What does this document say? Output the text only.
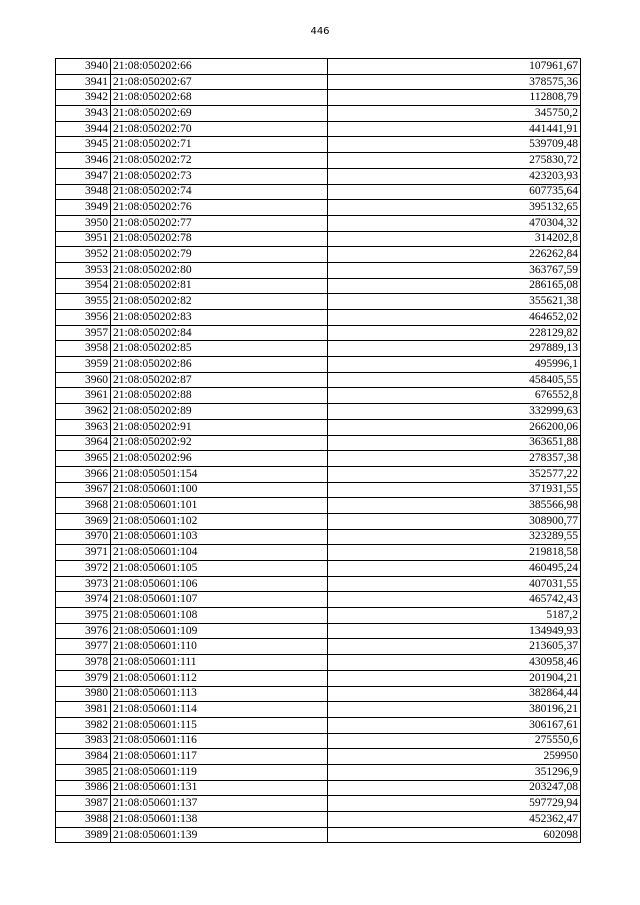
446
3940	21:08:050202:66	107961,67
3941	21:08:050202:67	378575,36
3942	21:08:050202:68	112808,79
3943	21:08:050202:69	345750,2
3944	21:08:050202:70	441441,91
3945	21:08:050202:71	539709,48
3946	21:08:050202:72	275830,72
3947	21:08:050202:73	423203,93
3948	21:08:050202:74	607735,64
3949	21:08:050202:76	395132,65
3950	21:08:050202:77	470304,32
3951	21:08:050202:78	314202,8
3952	21:08:050202:79	226262,84
3953	21:08:050202:80	363767,59
3954	21:08:050202:81	286165,08
3955	21:08:050202:82	355621,38
3956	21:08:050202:83	464652,02
3957	21:08:050202:84	228129,82
3958	21:08:050202:85	297889,13
3959	21:08:050202:86	495996,1
3960	21:08:050202:87	458405,55
3961	21:08:050202:88	676552,8
3962	21:08:050202:89	332999,63
3963	21:08:050202:91	266200,06
3964	21:08:050202:92	363651,88
3965	21:08:050202:96	278357,38
3966	21:08:050501:154	352577,22
3967	21:08:050601:100	371931,55
3968	21:08:050601:101	385566,98
3969	21:08:050601:102	308900,77
3970	21:08:050601:103	323289,55
3971	21:08:050601:104	219818,58
3972	21:08:050601:105	460495,24
3973	21:08:050601:106	407031,55
3974	21:08:050601:107	465742,43
3975	21:08:050601:108	5187,2
3976	21:08:050601:109	134949,93
3977	21:08:050601:110	213605,37
3978	21:08:050601:111	430958,46
3979	21:08:050601:112	201904,21
3980	21:08:050601:113	382864,44
3981	21:08:050601:114	380196,21
3982	21:08:050601:115	306167,61
3983	21:08:050601:116	275550,6
3984	21:08:050601:117	259950
3985	21:08:050601:119	351296,9
3986	21:08:050601:131	203247,08
3987	21:08:050601:137	597729,94
3988	21:08:050601:138	452362,47
3989	21:08:050601:139	602098
